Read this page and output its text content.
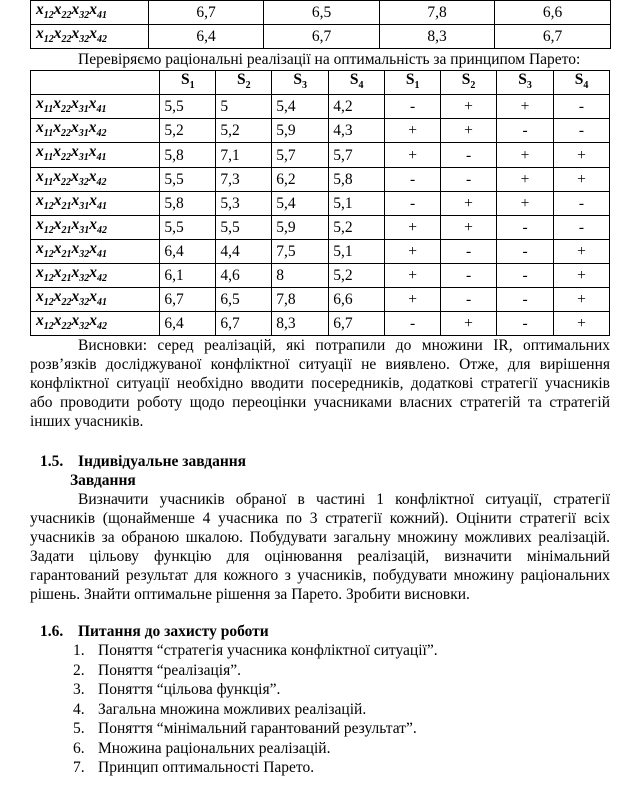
$x_{12}x_{22}x_{32}x_{41}$	6,7	6,5	7,8	6,6
$x_{12}x_{22}x_{32}x_{42}$	6,4	6,7	8,3	6,7

Перевіряємо раціональні реалізації на оптимальність за принципом Парето:

	$S_1$	$S_2$	$S_3$	$S_4$	$S_1$	$S_2$	$S_3$	$S_4$
$x_{11}x_{22}x_{31}x_{41}$	5,5	5	5,4	4,2	-	+	+	-
$x_{11}x_{22}x_{31}x_{42}$	5,2	5,2	5,9	4,3	+	+	-	-
$x_{11}x_{22}x_{31}x_{41}$	5,8	7,1	5,7	5,7	+	-	+	+
$x_{11}x_{22}x_{32}x_{42}$	5,5	7,3	6,2	5,8	-	-	+	+
$x_{12}x_{21}x_{31}x_{41}$	5,8	5,3	5,4	5,1	-	+	+	-
$x_{12}x_{21}x_{31}x_{42}$	5,5	5,5	5,9	5,2	+	+	-	-
$x_{12}x_{21}x_{32}x_{41}$	6,4	4,4	7,5	5,1	+	-	-	+
$x_{12}x_{21}x_{32}x_{42}$	6,1	4,6	8	5,2	+	-	-	+
$x_{12}x_{22}x_{32}x_{41}$	6,7	6,5	7,8	6,6	+	-	-	+
$x_{12}x_{22}x_{32}x_{42}$	6,4	6,7	8,3	6,7	-	+	-	+

Висновки: серед реалізацій, які потрапили до множини IR, оптимальних розв’язків досліджуваної конфліктної ситуації не виявлено. Отже, для вирішення конфліктної ситуації необхідно вводити посередників, додаткові стратегії учасників або проводити роботу щодо переоцінки учасниками власних стратегій та стратегій інших учасників.

1.5. Індивідуальне завдання
Завдання

Визначити учасників обраної в частині 1 конфліктної ситуації, стратегії учасників (щонайменше 4 учасника по 3 стратегії кожний). Оцінити стратегії всіх учасників за обраною шкалою. Побудувати загальну множину можливих реалізацій. Задати цільову функцію для оцінювання реалізацій, визначити мінімальний гарантований результат для кожного з учасників, побудувати множину раціональних рішень. Знайти оптимальне рішення за Парето. Зробити висновки.

1.6. Питання до захисту роботи
1. Поняття “стратегія учасника конфліктної ситуації”.
2. Поняття “реалізація”.
3. Поняття “цільова функція”.
4. Загальна множина можливих реалізацій.
5. Поняття “мінімальний гарантований результат”.
6. Множина раціональних реалізацій.
7. Принцип оптимальності Парето.
